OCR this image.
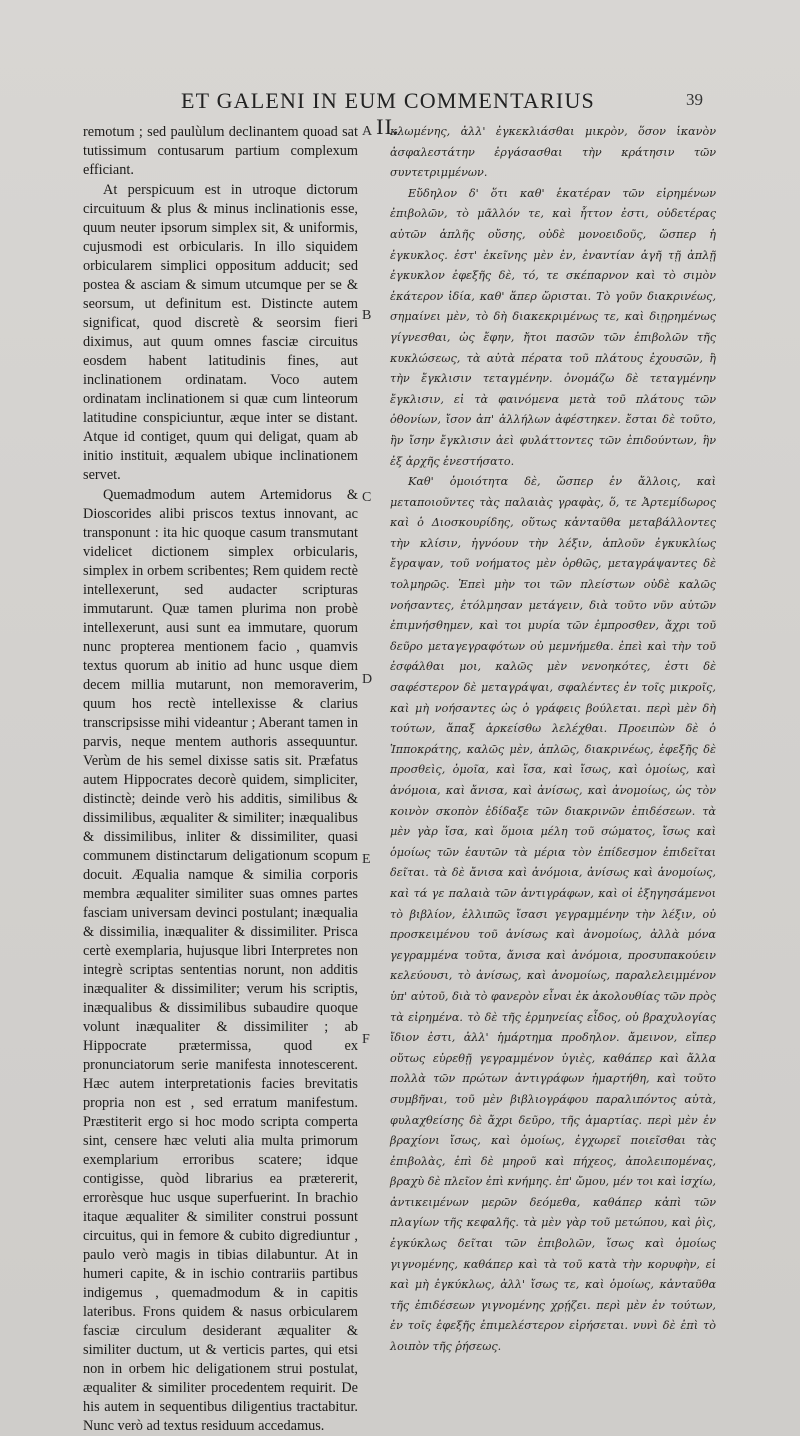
ET GALENI IN EUM COMMENTARIUS II.
39

remotum ; sed paulùlum declinantem quoad sat tutissimum contusarum partium complexum efficiant.

At perspicuum est in utroque dictorum circuituum & plus & minus inclinationis esse, quum neuter ipsorum simplex sit, & uniformis, cujusmodi est orbicularis. In illo siquidem orbicularem simplici oppositum adducit; sed postea & asciam & simum utcumque per se & seorsum, ut definitum est. Distincte autem significat, quod discretè & seorsim fieri diximus, aut quum omnes fasciæ circuitus eosdem habent latitudinis fines, aut inclinationem ordinatam. Voco autem ordinatam inclinationem si quæ cum linteorum latitudine conspiciuntur, æque inter se distant. Atque id contiget, quum qui deligat, quam ab initio instituit, æqualem ubique inclinationem servet.

Quemadmodum autem Artemidorus & Dioscorides alibi priscos textus innovant, ac transponunt : ita hic quoque casum transmutant videlicet dictionem simplex orbicularis, simplex in orbem scribentes; Rem quidem rectè intellexerunt, sed audacter scripturas immutarunt. Quæ tamen plurima non probè intellexerunt, ausi sunt ea immutare, quorum nunc propterea mentionem facio , quamvis textus quorum ab initio ad hunc usque diem decem millia mutarunt, non memoraverim, quum hos rectè intellexisse & clarius transcripsisse mihi videantur ; Aberant tamen in parvis, neque mentem authoris assequuntur. Verùm de his semel dixisse satis sit. Præfatus autem Hippocrates decorè quidem, simpliciter, distinctè; deinde verò his additis, similibus & dissimilibus, æqualiter & similiter; inæqualibus & dissimilibus, inliter & dissimiliter, quasi communem distinctarum deligationum scopum docuit. Æqualia namque & similia corporis membra æqualiter similiter suas omnes partes fasciam universam devinci postulant; inæqualia & dissimilia, inæqualiter & dissimiliter. Prisca certè exemplaria, hujusque libri Interpretes non integrè scriptas sententias norunt, non additis inæqualiter & dissimiliter; verum his scriptis, inæqualibus & dissimilibus subaudire quoque volunt inæqualiter & dissimiliter ; ab Hippocrate prætermissa, quod ex pronunciatorum serie manifesta innotescerent. Hæc autem interpretationis facies brevitatis propria non est , sed erratum manifestum. Præstiterit ergo si hoc modo scripta comperta sint, censere hæc veluti alia multa primorum exemplarium erroribus scatere; idque contigisse, quòd librarius ea prætererit, errorèsque huc usque superfuerint. In brachio itaque æqualiter & similiter construi possunt circuitus, qui in femore & cubito digrediuntur , paulo verò magis in tibias dilabuntur. At in humeri capite, & in ischio contrariis partibus indigemus , quemadmodum & in capitis lateribus. Frons quidem & nasus orbicularem fasciæ circulum desiderant æqualiter & similiter ductum, ut & verticis partes, qui etsi non in orbem hic deligationem strui postulat, æqualiter & similiter procedentem requirit. De his autem in sequentibus diligentius tractabitur. Nunc verò ad textus residuum accedamus.

A
B
C
D
E
F

κλωμένης, ἀλλ' ἐγκεκλιάσθαι μικρὸν, ὅσον ἱκανὸν ἀσφαλεστάτην ἐργάσασθαι τὴν κράτησιν τῶν συντετριμμένων.

Εὔδηλον δ' ὅτι καθ' ἑκατέραν τῶν εἰρημένων ἐπιβολῶν, τὸ μᾶλλόν τε, καὶ ἧττον ἐστι, οὐδετέρας αὐτῶν ἁπλῆς οὔσης, οὐδὲ μονοειδοῦς, ὥσπερ ἡ ἐγκυκλος. ἐστ' ἐκεῖνης μὲν ἐν, ἐναντίαν ἀγῆ τῇ ἀπλῇ ἐγκυκλον ἐφεξῆς δὲ, τό, τε σκέπαρνον καὶ τὸ σιμὸν ἑκάτερον ἰδία, καθ' ἅπερ ὥρισται. Τὸ γοῦν διακρινέως, σημαίνει μὲν, τὸ δὴ διακεκριμένως τε, καὶ διῃρημένως γίγνεσθαι, ὡς ἔφην, ἤτοι πασῶν τῶν ἐπιβολῶν τῆς κυκλώσεως, τὰ αὐτὰ πέρατα τοῦ πλάτους ἐχουσῶν, ἢ τὴν ἔγκλισιν τεταγμένην. ὀνομάζω δὲ τεταγμένην ἔγκλισιν, εἰ τὰ φαινόμενα μετὰ τοῦ πλάτους τῶν ὀθονίων, ἴσον ἀπ' ἀλλήλων ἀφέστηκεν. ἔσται δὲ τοῦτο, ἢν ἴσην ἔγκλισιν ἀεὶ φυλάττοντες τῶν ἐπιδούντων, ἣν ἐξ ἀρχῆς ἐνεστήσατο.

Καθ' ὁμοιότητα δὲ, ὥσπερ ἐν ἄλλοις, καὶ μεταποιοῦντες τὰς παλαιὰς γραφὰς, ὅ, τε Ἀρτεμίδωρος καὶ ὁ Διοσκουρίδης, οὕτως κἀνταῦθα μεταβάλλοντες τὴν κλίσιν, ἠγνόουν τὴν λέξιν, ἁπλοῦν ἐγκυκλίως ἔγραψαν, τοῦ νοήματος μὲν ὀρθῶς, μεταγράψαντες δὲ τολμηρῶς. Ἐπεὶ μὴν τοι τῶν πλείστων οὐδὲ καλῶς νοήσαντες, ἐτόλμησαν μετάγειν, διὰ τοῦτο νῦν αὐτῶν ἐπιμνήσθημεν, καὶ τοι μυρία τῶν ἐμπροσθεν, ἄχρι τοῦ δεῦρο μεταγεγραφότων οὐ μεμνήμεθα. ἐπεὶ καὶ τὴν τοῦ ἐσφάλθαι μοι, καλῶς μὲν νενοηκότες, ἐστι δὲ σαφέστερον δὲ μεταγράψαι, σφαλέντες ἐν τοῖς μικροῖς, καὶ μὴ νοήσαντες ὡς ὁ γράφεις βούλεται. περὶ μὲν δὴ τούτων, ἅπαξ ἀρκείσθω λελέχθαι. Προειπὼν δὲ ὁ Ἱπποκράτης, καλῶς μὲν, ἁπλῶς, διακρινέως, ἐφεξῆς δὲ προσθεὶς, ὁμοῖα, καὶ ἴσα, καὶ ἴσως, καὶ ὁμοίως, καὶ ἀνόμοια, καὶ ἄνισα, καὶ ἀνίσως, καὶ ἀνομοίως, ὡς τὸν κοινὸν σκοπὸν ἐδίδαξε τῶν διακρινῶν ἐπιδέσεων. τὰ μὲν γὰρ ἴσα, καὶ ὅμοια μέλη τοῦ σώματος, ἴσως καὶ ὁμοίως τῶν ἑαυτῶν τὰ μέρια τὸν ἐπίδεσμον ἐπιδεῖται δεῖται. τὰ δὲ ἄνισα καὶ ἀνόμοια, ἀνίσως καὶ ἀνομοίως, καὶ τά γε παλαιὰ τῶν ἀντιγράφων, καὶ οἱ ἐξηγησάμενοι τὸ βιβλίον, ἐλλιπῶς ἴσασι γεγραμμένην τὴν λέξιν, οὐ προσκειμένου τοῦ ἀνίσως καὶ ἀνομοίως, ἀλλὰ μόνα γεγραμμένα τοῦτα, ἄνισα καὶ ἀνόμοια, προσυπακούειν κελεύουσι, τὸ ἀνίσως, καὶ ἀνομοίως, παραλελειμμένον ὑπ' αὐτοῦ, διὰ τὸ φανερὸν εἶναι ἐκ ἀκολουθίας τῶν πρὸς τὰ εἰρημένα. τὸ δὲ τῆς ἑρμηνείας εἶδος, οὐ βραχυλογίας ἴδιον ἐστι, ἀλλ' ἡμάρτημα προδηλον. ἄμεινον, εἴπερ οὕτως εὑρεθῇ γεγραμμένον ὑγιὲς, καθάπερ καὶ ἄλλα πολλὰ τῶν πρώτων ἀντιγράφων ἡμαρτήθη, καὶ τοῦτο συμβῆναι, τοῦ μὲν βιβλιογράφου παραλιπόντος αὐτὰ, φυλαχθείσης δὲ ἄχρι δεῦρο, τῆς ἁμαρτίας. περὶ μὲν ἐν βραχίονι ἴσως, καὶ ὁμοίως, ἐγχωρεῖ ποιεῖσθαι τὰς ἐπιβολὰς, ἐπὶ δὲ μηροῦ καὶ πήχεος, ἀπολειπομένας, βραχὺ δὲ πλεῖον ἐπὶ κνήμης. ἐπ' ὤμου, μέν τοι καὶ ἰσχίω, ἀντικειμένων μερῶν δεόμεθα, καθάπερ κἀπὶ τῶν πλαγίων τῆς κεφαλῆς. τὰ μὲν γὰρ τοῦ μετώπου, καὶ ῥὶς, ἐγκύκλως δεῖται τῶν ἐπιβολῶν, ἴσως καὶ ὁμοίως γιγνομένης, καθάπερ καὶ τὰ τοῦ κατὰ τὴν κορυφὴν, εἰ καὶ μὴ ἐγκύκλως, ἀλλ' ἴσως τε, καὶ ὁμοίως, κἀνταῦθα τῆς ἐπιδέσεων γιγνομένης χρῄζει. περὶ μὲν ἐν τούτων, ἐν τοῖς ἐφεξῆς ἐπιμελέστερον εἰρήσεται. νυνὶ δὲ ἐπὶ τὸ λοιπὸν τῆς ῥήσεως.
